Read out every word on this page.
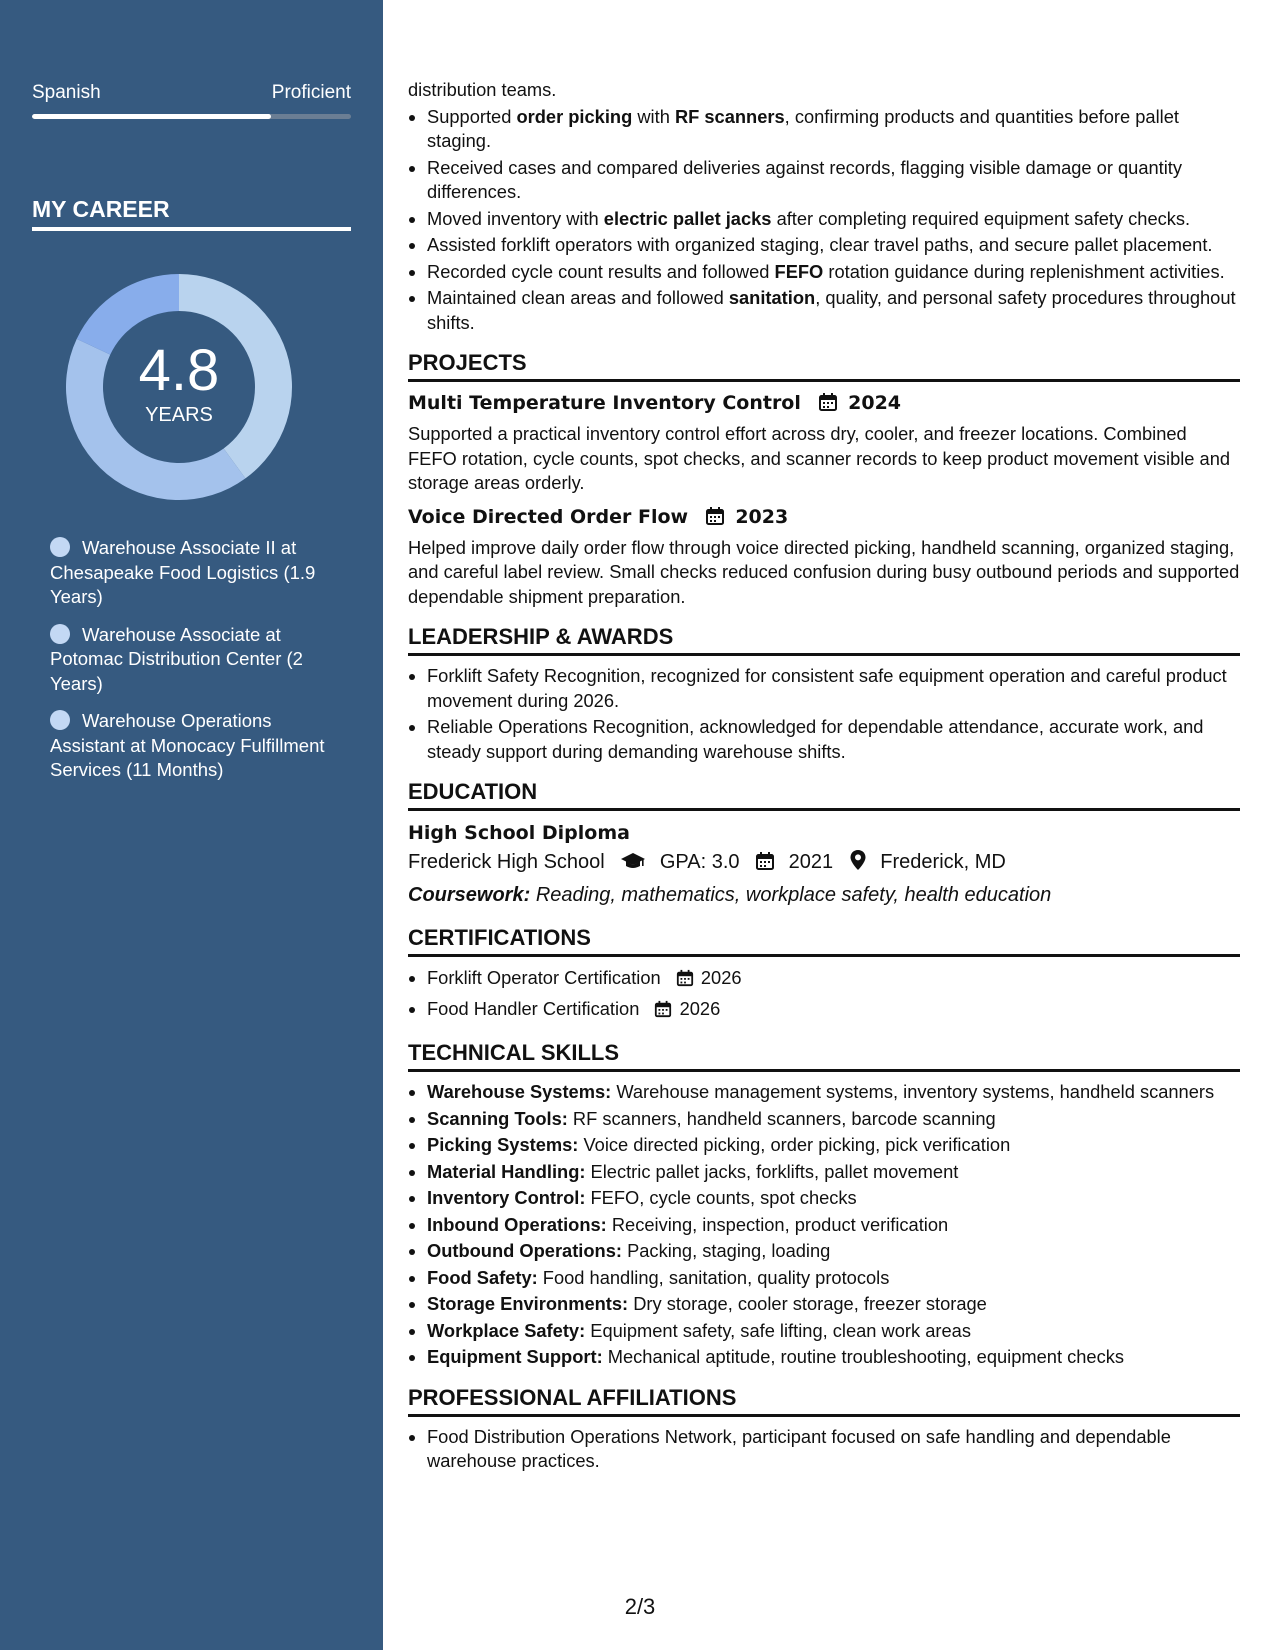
Spanish	Proficient
MY CAREER
4.8
YEARS
Warehouse Associate II at Chesapeake Food Logistics (1.9 Years)
Warehouse Associate at Potomac Distribution Center (2 Years)
Warehouse Operations Assistant at Monocacy Fulfillment Services (11 Months)

distribution teams.

• Supported order picking with RF scanners, confirming products and quantities before pallet staging.
• Received cases and compared deliveries against records, flagging visible damage or quantity differences.
• Moved inventory with electric pallet jacks after completing required equipment safety checks.
• Assisted forklift operators with organized staging, clear travel paths, and secure pallet placement.
• Recorded cycle count results and followed FEFO rotation guidance during replenishment activities.
• Maintained clean areas and followed sanitation, quality, and personal safety procedures throughout shifts.
PROJECTS
Multi Temperature Inventory Control 2024

Supported a practical inventory control effort across dry, cooler, and freezer locations. Combined FEFO rotation, cycle counts, spot checks, and scanner records to keep product movement visible and storage areas orderly.

Voice Directed Order Flow 2023

Helped improve daily order flow through voice directed picking, handheld scanning, organized staging, and careful label review. Small checks reduced confusion during busy outbound periods and supported dependable shipment preparation.

LEADERSHIP & AWARDS
• Forklift Safety Recognition, recognized for consistent safe equipment operation and careful product movement during 2026.
• Reliable Operations Recognition, acknowledged for dependable attendance, accurate work, and steady support during demanding warehouse shifts.
EDUCATION
High School Diploma
Frederick High School	GPA: 3.0 2021 Frederick, MD
Coursework: Reading, mathematics, workplace safety, health education
CERTIFICATIONS
• Forklift Operator Certification 2026
• Food Handler Certification 2026
TECHNICAL SKILLS
• Warehouse Systems: Warehouse management systems, inventory systems, handheld scanners
• Scanning Tools: RF scanners, handheld scanners, barcode scanning
• Picking Systems: Voice directed picking, order picking, pick verification
• Material Handling: Electric pallet jacks, forklifts, pallet movement
• Inventory Control: FEFO, cycle counts, spot checks
• Inbound Operations: Receiving, inspection, product verification
• Outbound Operations: Packing, staging, loading
• Food Safety: Food handling, sanitation, quality protocols
• Storage Environments: Dry storage, cooler storage, freezer storage
• Workplace Safety: Equipment safety, safe lifting, clean work areas
• Equipment Support: Mechanical aptitude, routine troubleshooting, equipment checks
PROFESSIONAL AFFILIATIONS
• Food Distribution Operations Network, participant focused on safe handling and dependable warehouse practices.
2/3
